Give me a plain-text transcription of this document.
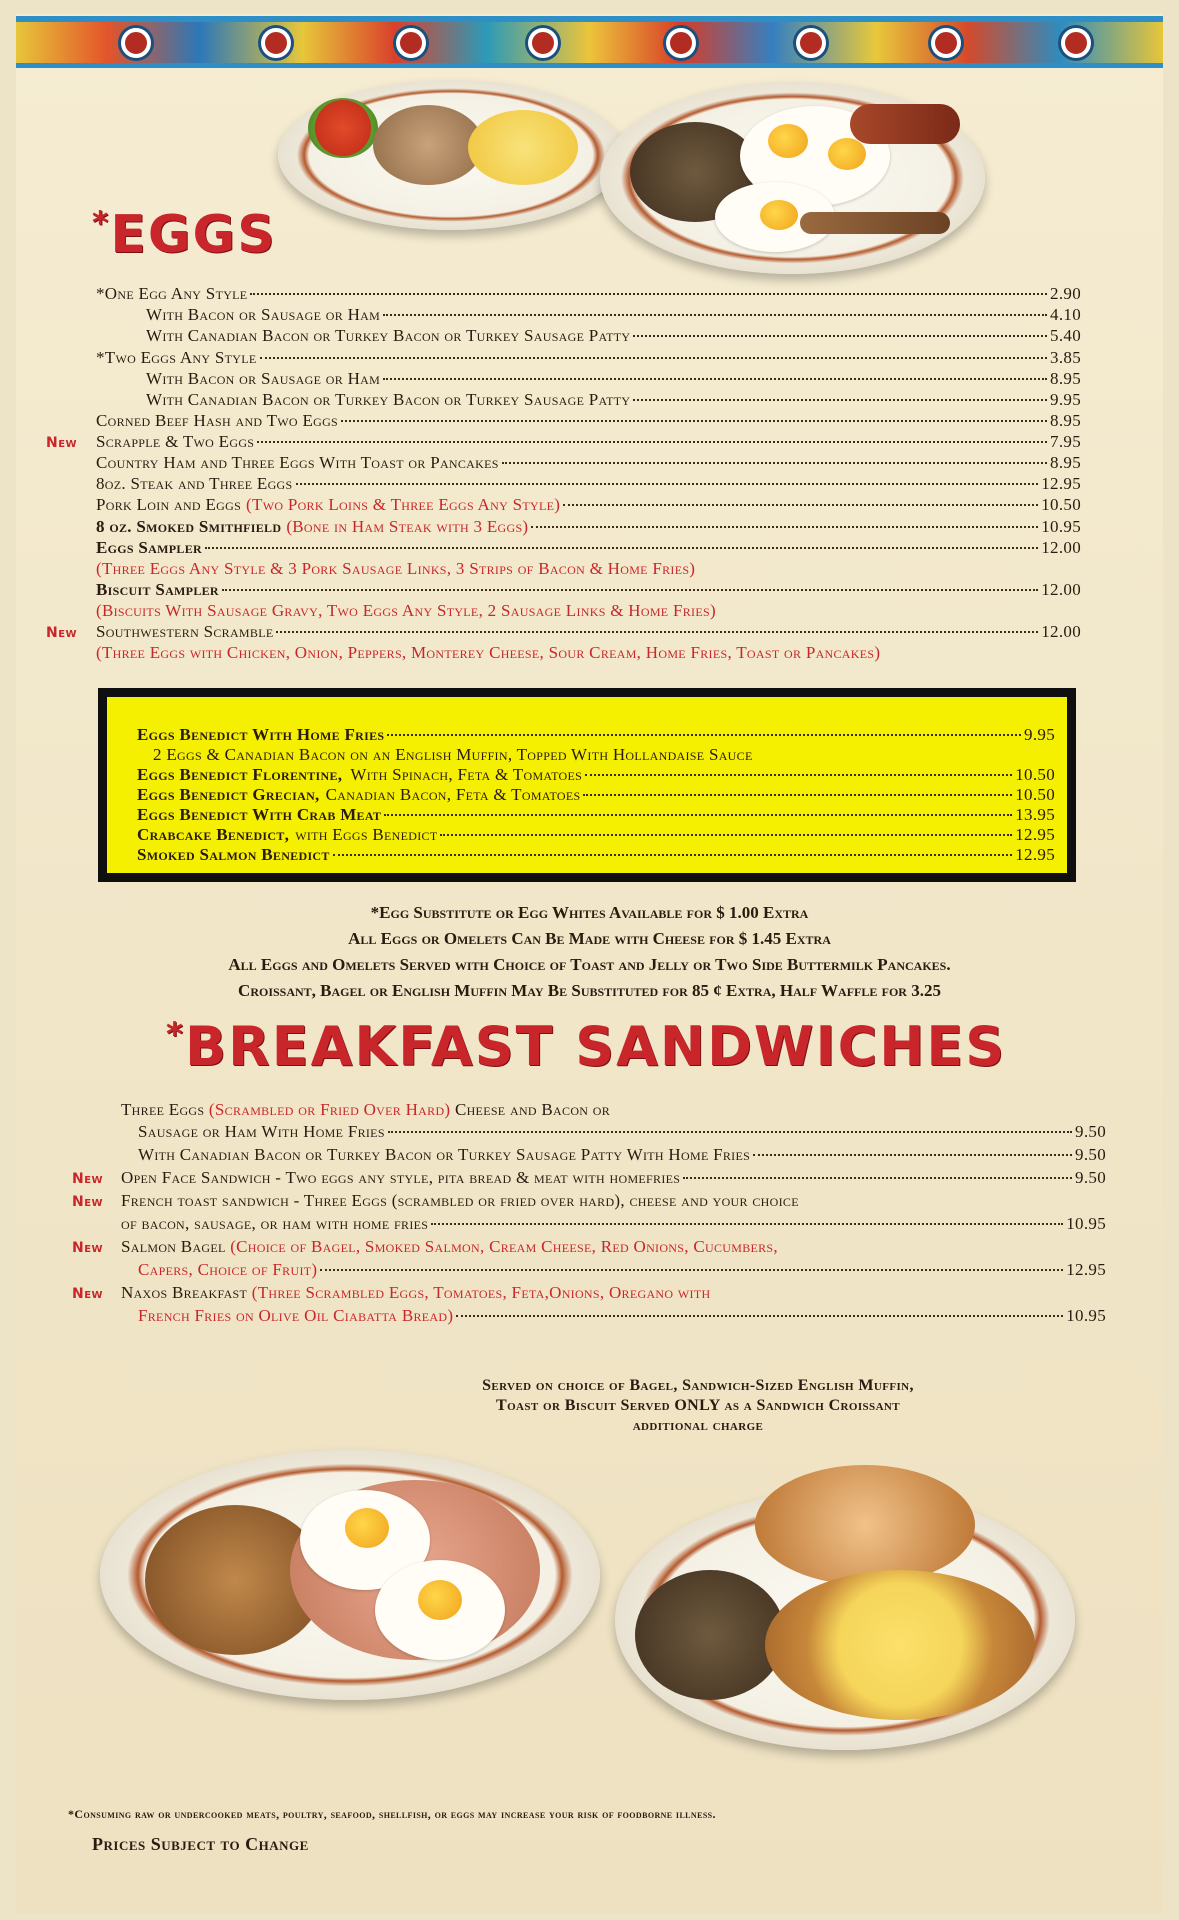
*EGGS
*One Egg Any Style	2.90
With Bacon or Sausage or Ham	4.10
With Canadian Bacon or Turkey Bacon or Turkey Sausage Patty	5.40
*Two Eggs Any Style	3.85
With Bacon or Sausage or Ham	8.95
With Canadian Bacon or Turkey Bacon or Turkey Sausage Patty	9.95
Corned Beef Hash and Two Eggs	8.95
New Scrapple & Two Eggs	7.95
Country Ham and Three Eggs With Toast or Pancakes	8.95
8oz. Steak and Three Eggs	12.95
Pork Loin and Eggs (Two Pork Loins & Three Eggs Any Style)	10.50
8 oz. Smoked Smithfield (Bone in Ham Steak with 3 Eggs)	10.95
Eggs Sampler	12.00
(Three Eggs Any Style & 3 Pork Sausage Links, 3 Strips of Bacon & Home Fries)
Biscuit Sampler	12.00
(Biscuits With Sausage Gravy, Two Eggs Any Style, 2 Sausage Links & Home Fries)
New Southwestern Scramble	12.00
(Three Eggs with Chicken, Onion, Peppers, Monterey Cheese, Sour Cream, Home Fries, Toast or Pancakes)
Eggs Benedict With Home Fries	9.95
2 Eggs & Canadian Bacon on an English Muffin, Topped With Hollandaise Sauce
Eggs Benedict Florentine, With Spinach, Feta & Tomatoes	10.50
Eggs Benedict Grecian, Canadian Bacon, Feta & Tomatoes	10.50
Eggs Benedict With Crab Meat	13.95
Crabcake Benedict, with Eggs Benedict	12.95
Smoked Salmon Benedict	12.95
*Egg Substitute or Egg Whites Available for $ 1.00 Extra
All Eggs or Omelets Can Be Made with Cheese for $ 1.45 Extra
All Eggs and Omelets Served with Choice of Toast and Jelly or Two Side Buttermilk Pancakes.
Croissant, Bagel or English Muffin May Be Substituted for 85 ¢ Extra, Half Waffle for 3.25
*BREAKFAST SANDWICHES
Three Eggs (Scrambled or Fried Over Hard) Cheese and Bacon or
Sausage or Ham With Home Fries	9.50
With Canadian Bacon or Turkey Bacon or Turkey Sausage Patty With Home Fries	9.50
New Open Face Sandwich - Two eggs any style, pita bread & meat with homefries	9.50
New French toast sandwich - Three Eggs (scrambled or fried over hard), cheese and your choice
of bacon, sausage, or ham with home fries	10.95
New Salmon Bagel (Choice of Bagel, Smoked Salmon, Cream Cheese, Red Onions, Cucumbers,
Capers, Choice of Fruit)	12.95
New Naxos Breakfast (Three Scrambled Eggs, Tomatoes, Feta,Onions, Oregano with
French Fries on Olive Oil Ciabatta Bread)	10.95
Served on choice of Bagel, Sandwich-Sized English Muffin,
Toast or Biscuit Served ONLY as a Sandwich Croissant
additional charge
*Consuming raw or undercooked meats, poultry, seafood, shellfish, or eggs may increase your risk of foodborne illness.
Prices Subject to Change
